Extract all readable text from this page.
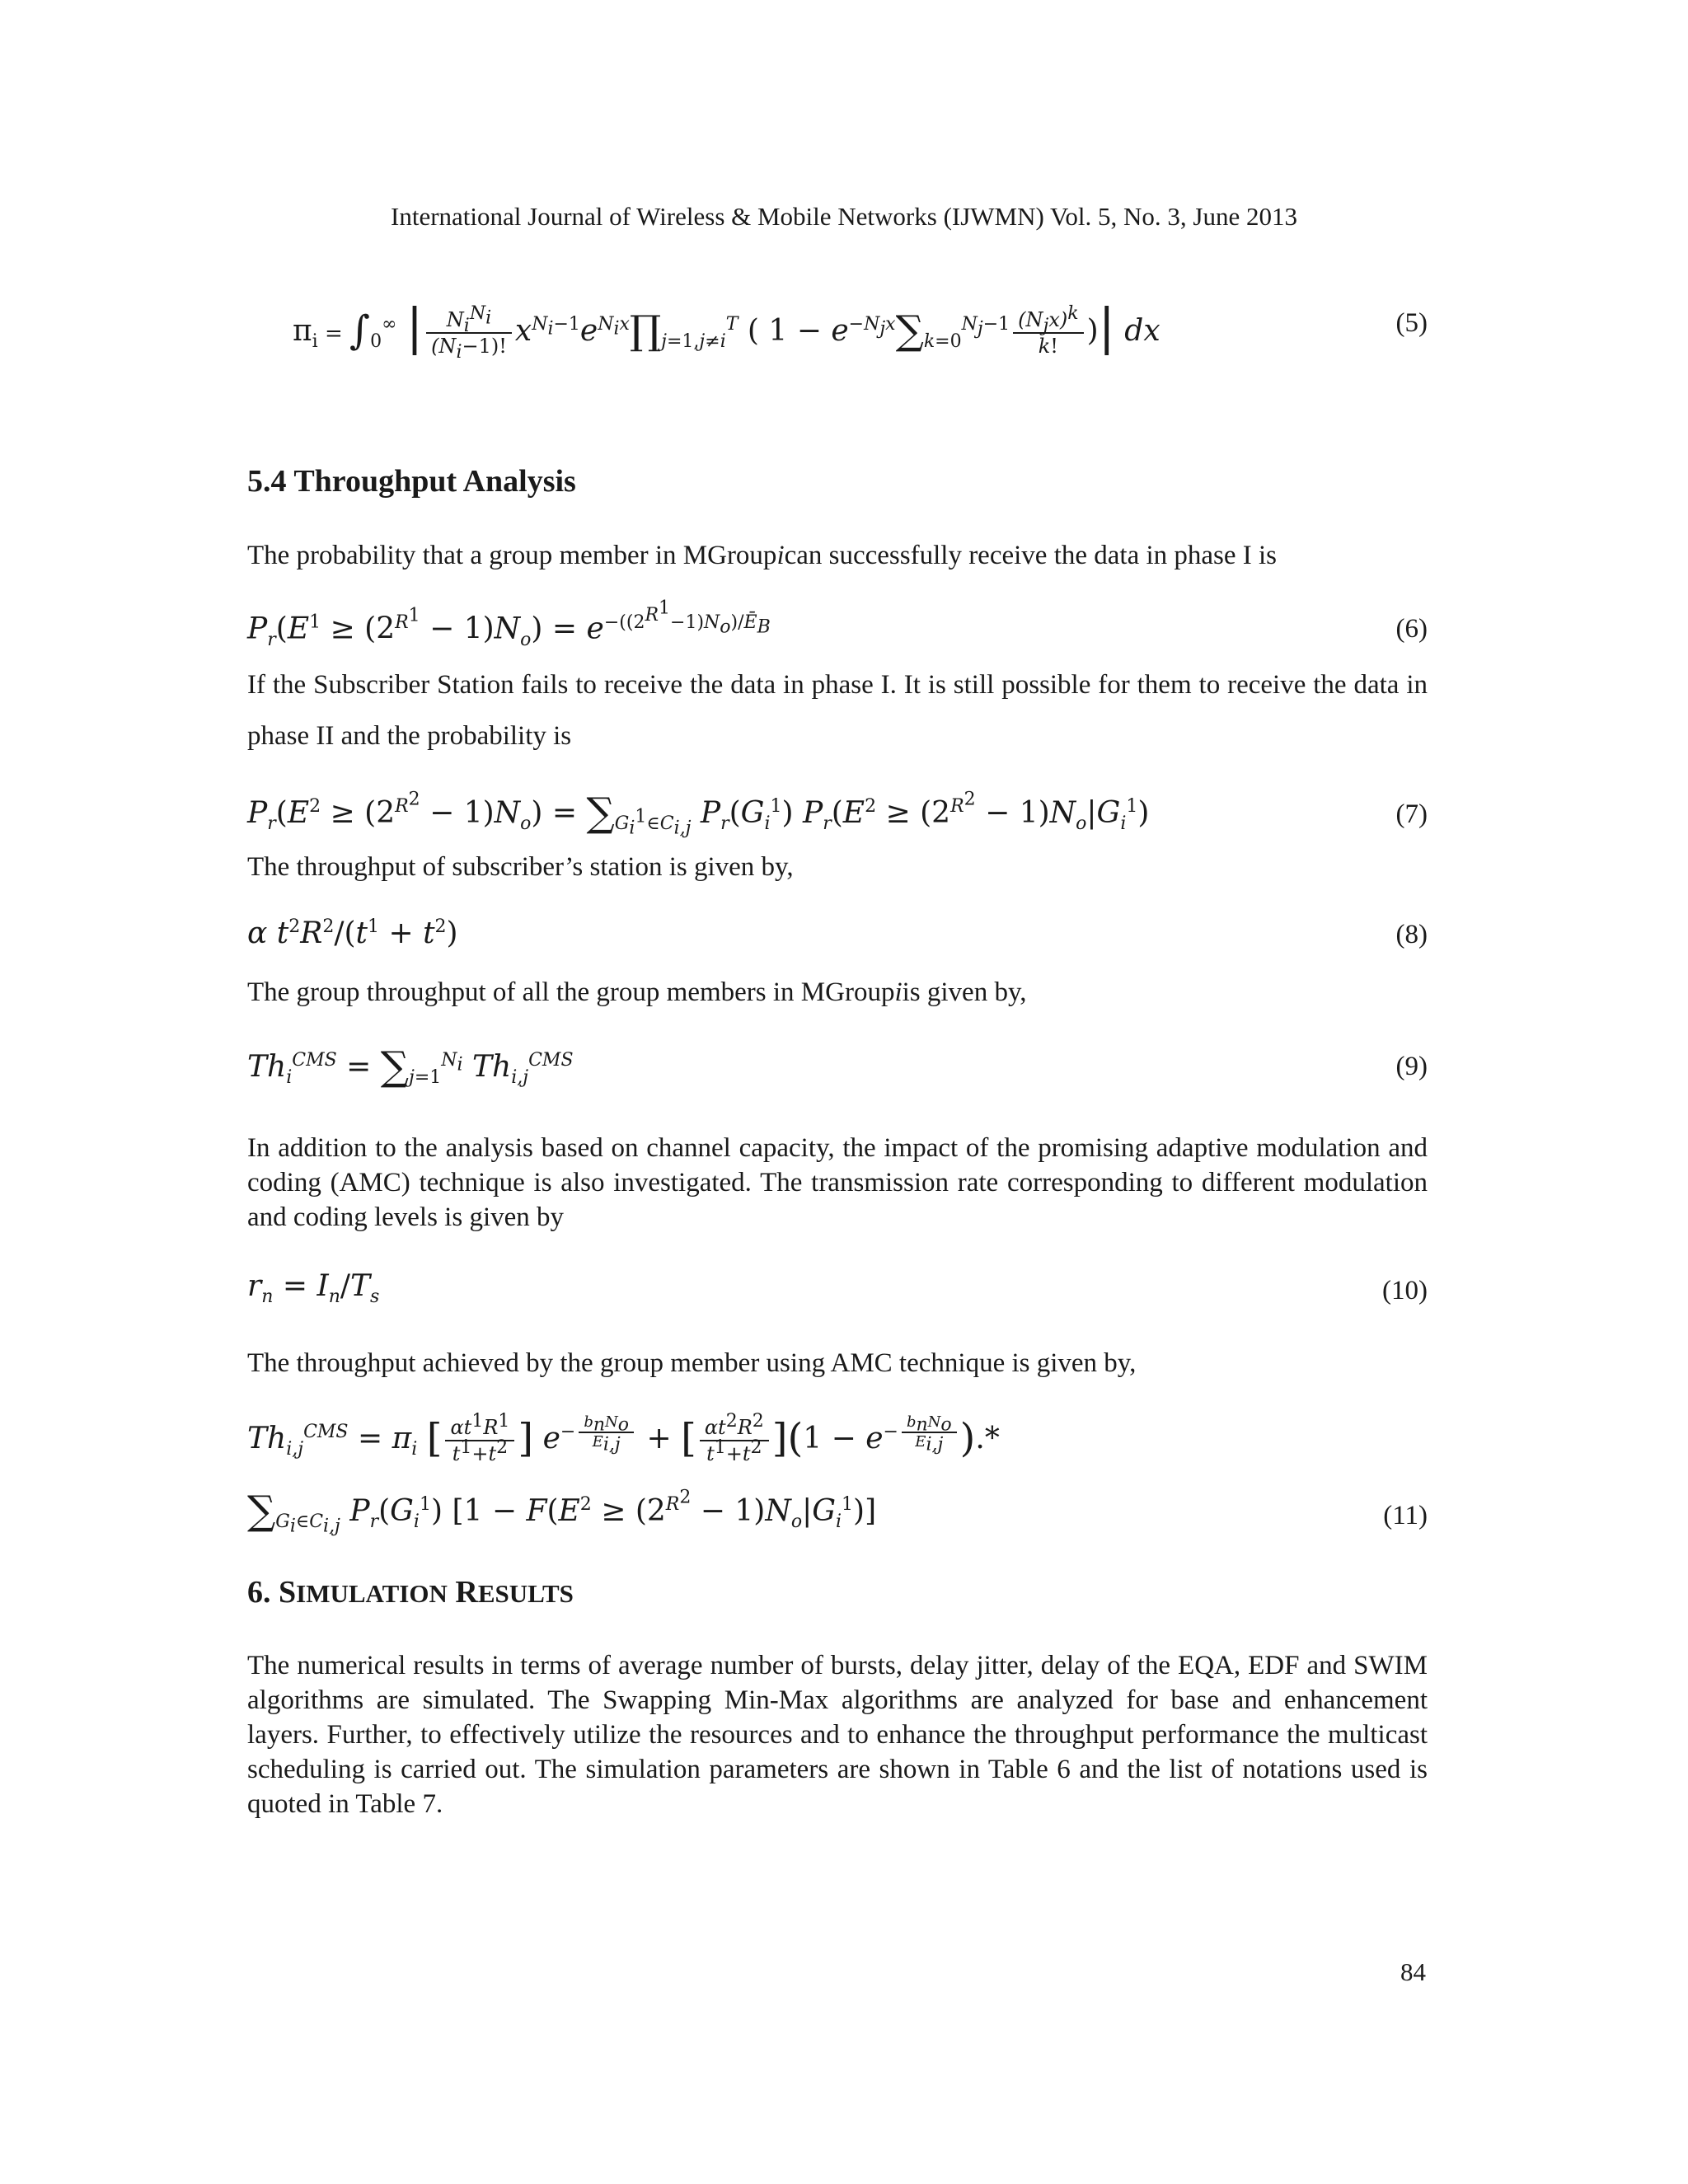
International Journal of Wireless & Mobile Networks (IJWMN) Vol. 5, No. 3, June 2013
$\pi_i = \int_0^\infty$ | $\frac{N_i^{N_i}}{(N_i-1)!}$ $x^{N_i-1}e^{N_ix}\prod_{j=1,j\ne i}^T$ ( $1 - e^{-N_jx}\sum_{k=0}^{N_j-1} \frac{(N_jx)^k}{k!}$ )| dx	(5)
5.4 Throughput Analysis

The probability that a group member in MGroupican successfully receive the data in phase I is

$P_r(E^1 \ge (2^{R^1} - 1)N_o) = e^{-((2^{R^1}-1)N_o)/Ē_B}$	(6)

If the Subscriber Station fails to receive the data in phase I. It is still possible for them to receive the data in phase II and the probability is

$P_r(E^2 \ge (2^{R^2} - 1)N_o) = \sum_{G_i^1\in C_{i,j}}$ $P_r(G_i^1) P_r(E^2 \ge (2^{R^2} - 1)N_o|G_i^1)$	(7)

The throughput of subscriber’s station is given by,

α $t^2R^2/(t^1 + t^2)$	(8)

The group throughput of all the group members in MGroupiis given by,

$Th_i^{CMS} = \sum_{j=1}^{N_i}$ $Th_{i,j}^{CMS}$	(9)

In addition to the analysis based on channel capacity, the impact of the promising adaptive modulation and coding (AMC) technique is also investigated. The transmission rate corresponding to different modulation and coding levels is given by

$r_n = I_n/T_s$	(10)

The throughput achieved by the group member using AMC technique is given by,

$Th_{i,j}^{CMS} = \pi_i$ [ $\frac{\alpha t^1R^1}{t^1+t^2}$ ] $e^{- \frac{b_nN_o}{E_{i,j}}}$ + [ $\frac{\alpha t^2R^2}{t^1+t^2} ](1 - e^{- \frac{b_nN_o}{E_{i,j}}}$ ).*
$\sum_{G_i\in C_{i,j}}$ $P_r(G_i^1) [1 - F(E^2 \ge (2^{R^2} - 1)N_o|G_i^1)]$	(11)
6. SIMULATION RESULTS

The numerical results in terms of average number of bursts, delay jitter, delay of the EQA, EDF and SWIM algorithms are simulated. The Swapping Min-Max algorithms are analyzed for base and enhancement layers. Further, to effectively utilize the resources and to enhance the throughput performance the multicast scheduling is carried out. The simulation parameters are shown in Table 6 and the list of notations used is quoted in Table 7.

84
